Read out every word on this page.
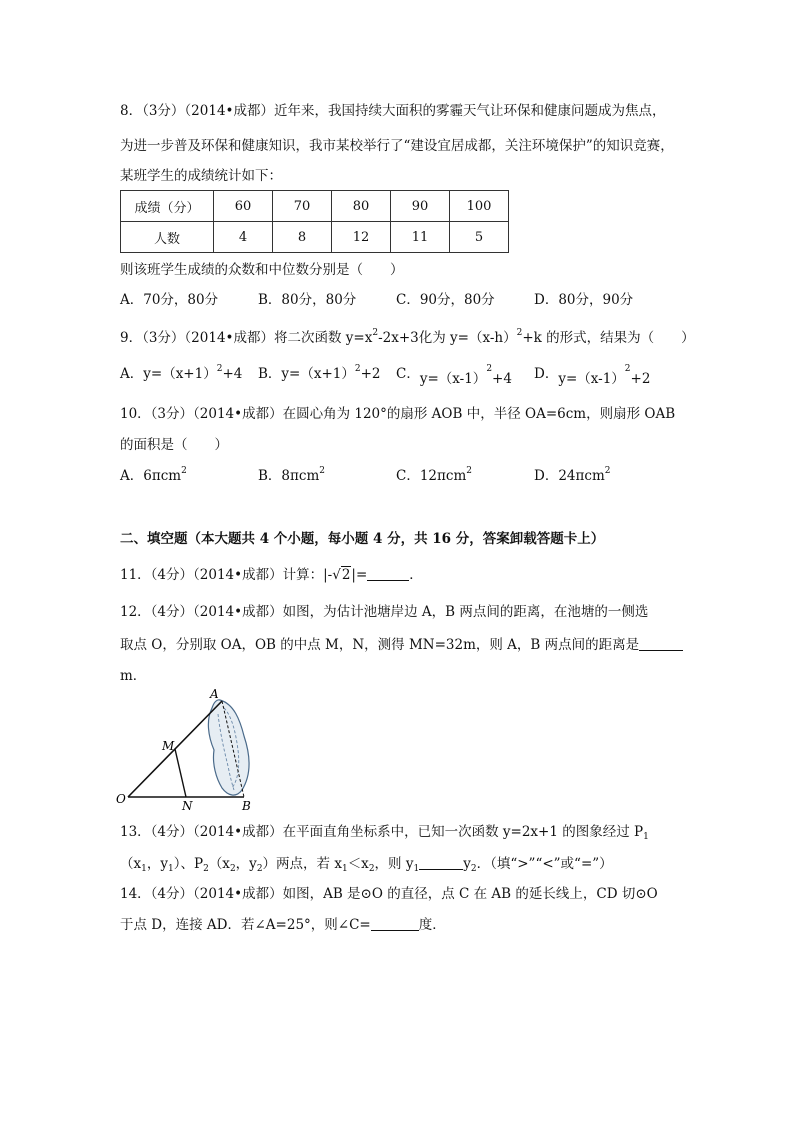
8．（3分）（2014•成都）近年来，我国持续大面积的雾霾天气让环保和健康问题成为焦点，
为进一步普及环保和健康知识，我市某校举行了“建设宜居成都，关注环境保护”的知识竞赛，
某班学生的成绩统计如下：
成绩（分）	60	70	80	90	100
人数	4	8	12	11	5
则该班学生成绩的众数和中位数分别是（　　）
A．70分，80分	B．80分，80分	C．90分，80分	D．80分，90分
9．（3分）（2014•成都）将二次函数 $y=x^2-2x+3$化为 $y=(x-h)^2+k$ 的形式，结果为（　　）
A．$y=(x+1)^2+4$ B．$y=(x+1)^2+2$ C．$y=(x-1)^2+4$ D．$y=(x-1)^2+2$
10．（3分）（2014•成都）在圆心角为 120°的扇形 AOB 中，半径 OA=6cm，则扇形 OAB
的面积是（　　）
A．6πcm$^2$	B．8πcm$^2$	C．12πcm$^2$	D．24πcm$^2$
二、填空题（本大题共 4 个小题，每小题 4 分，共 16 分，答案卸载答题卡上）
11．（4分）（2014•成都）计算：|-√2|=	．
12．（4分）（2014•成都）如图，为估计池塘岸边 A，B 两点间的距离，在池塘的一侧选
取点 O，分别取 OA，OB 的中点 M，N，测得 MN=32m，则 A，B 两点间的距离是
m．
A
M
O	N	B
13．（4分）（2014•成都）在平面直角坐标系中，已知一次函数 y=2x+1 的图象经过 $P_1$
（$x_1$，$y_1$）、$P_2(x_2$，$y_2$）两点，若 $x_1<x_2$，则 $y_1$	$y_2$．（填“>”“<”或“=”）
14．（4分）（2014•成都）如图，AB 是⊙O 的直径，点 C 在 AB 的延长线上，CD 切⊙O
于点 D，连接 AD．若∠A=25°，则∠C=	度．
